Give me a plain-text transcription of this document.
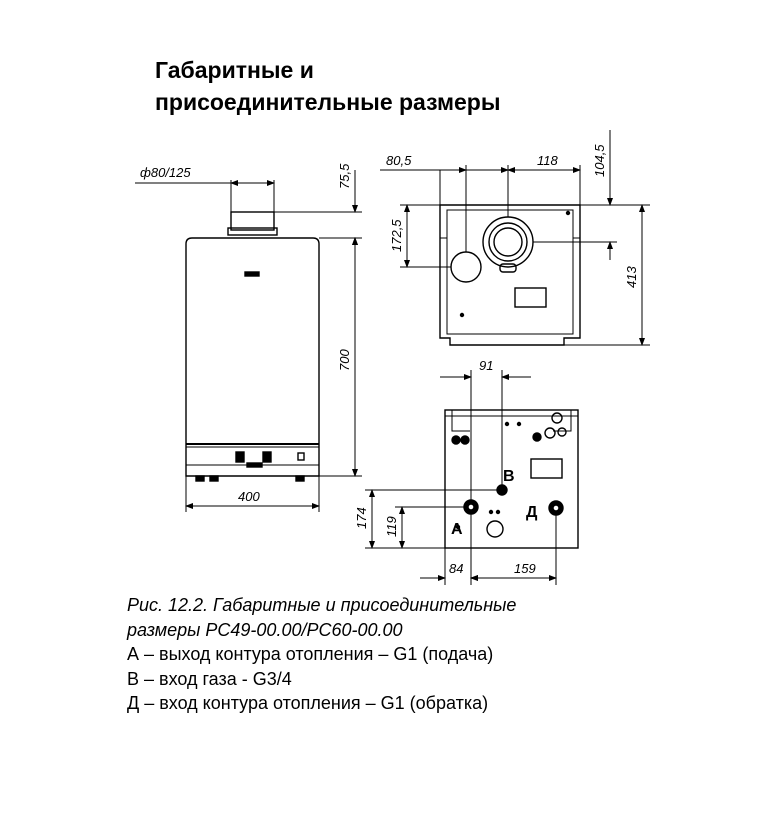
Габаритные и
присоединительные размеры
ф80/125	75,5
700
400
80,5	118	104,5
172,5
413
91
174 119
84	159
А
В
Д
Рис. 12.2. Габаритные и присоединительные
размеры РС49-00.00/РС60-00.00
А – выход контура отопления – G1 (подача)
В – вход газа - G3/4
Д – вход контура отопления – G1 (обратка)
